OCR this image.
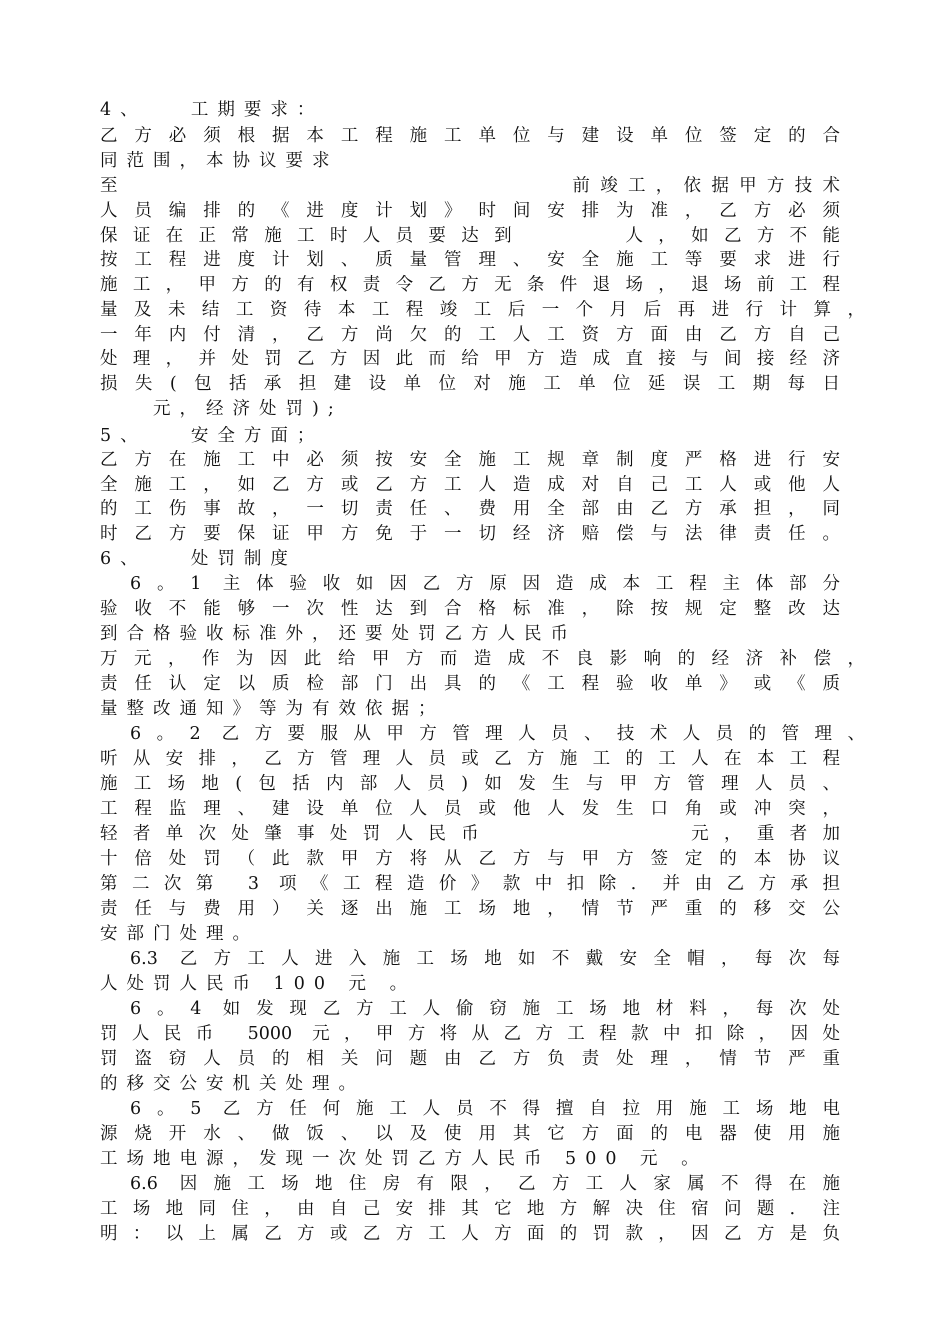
4、　　工期要求：
乙方必须根据本工程施工单位与建设单位签定的合
同范围，本协议要求
至　　　　　　　　　　　　　　　　前竣工，依据甲方技术
人员编排的《进度计划》时间安排为准，乙方必须
保证在正常施工时人员要达到　　　人，如乙方不能
按工程进度计划、质量管理、安全施工等要求进行
施工，甲方的有权责令乙方无条件退场，退场前工程
量及未结工资待本工程竣工后一个月后再进行计算，
一年内付清，乙方尚欠的工人工资方面由乙方自己
处理，并处罚乙方因此而给甲方造成直接与间接经济
损失(包括承担建设单位对施工单位延误工期每日
　　元，经济处罚);
5、　　安全方面；
乙方在施工中必须按安全施工规章制度严格进行安
全施工，如乙方或乙方工人造成对自己工人或他人
的工伤事故，一切责任、费用全部由乙方承担，同
时乙方要保证甲方免于一切经济赔偿与法律责任。
6、　　处罚制度
6。1 主体验收如因乙方原因造成本工程主体部分
验收不能够一次性达到合格标准，除按规定整改达
到合格验收标准外，还要处罚乙方人民币
万元，作为因此给甲方而造成不良影响的经济补偿，
责任认定以质检部门出具的《工程验收单》或《质
量整改通知》等为有效依据；
6。2 乙方要服从甲方管理人员、技术人员的管理、
听从安排，乙方管理人员或乙方施工的工人在本工程
施工场地(包括内部人员)如发生与甲方管理人员、
工程监理、建设单位人员或他人发生口角或冲突，
轻者单次处肇事处罚人民币　　　　　　元，重者加
十倍处罚（此款甲方将从乙方与甲方签定的本协议
第二次第 3 项《工程造价》款中扣除．并由乙方承担
责任与费用）关逐出施工场地，情节严重的移交公
安部门处理。
6.3 乙方工人进入施工场地如不戴安全帽，每次每
人处罚人民币 100 元 。
6。4 如发现乙方工人偷窃施工场地材料，每次处
罚人民币 5000 元，甲方将从乙方工程款中扣除，因处
罚盗窃人员的相关问题由乙方负责处理，情节严重
的移交公安机关处理。
6。5 乙方任何施工人员不得擅自拉用施工场地电
源烧开水、做饭、以及使用其它方面的电器使用施
工场地电源，发现一次处罚乙方人民币 500 元 。
6.6 因施工场地住房有限，乙方工人家属不得在施
工场地同住，由自己安排其它地方解决住宿问题．注
明：以上属乙方或乙方工人方面的罚款，因乙方是负
